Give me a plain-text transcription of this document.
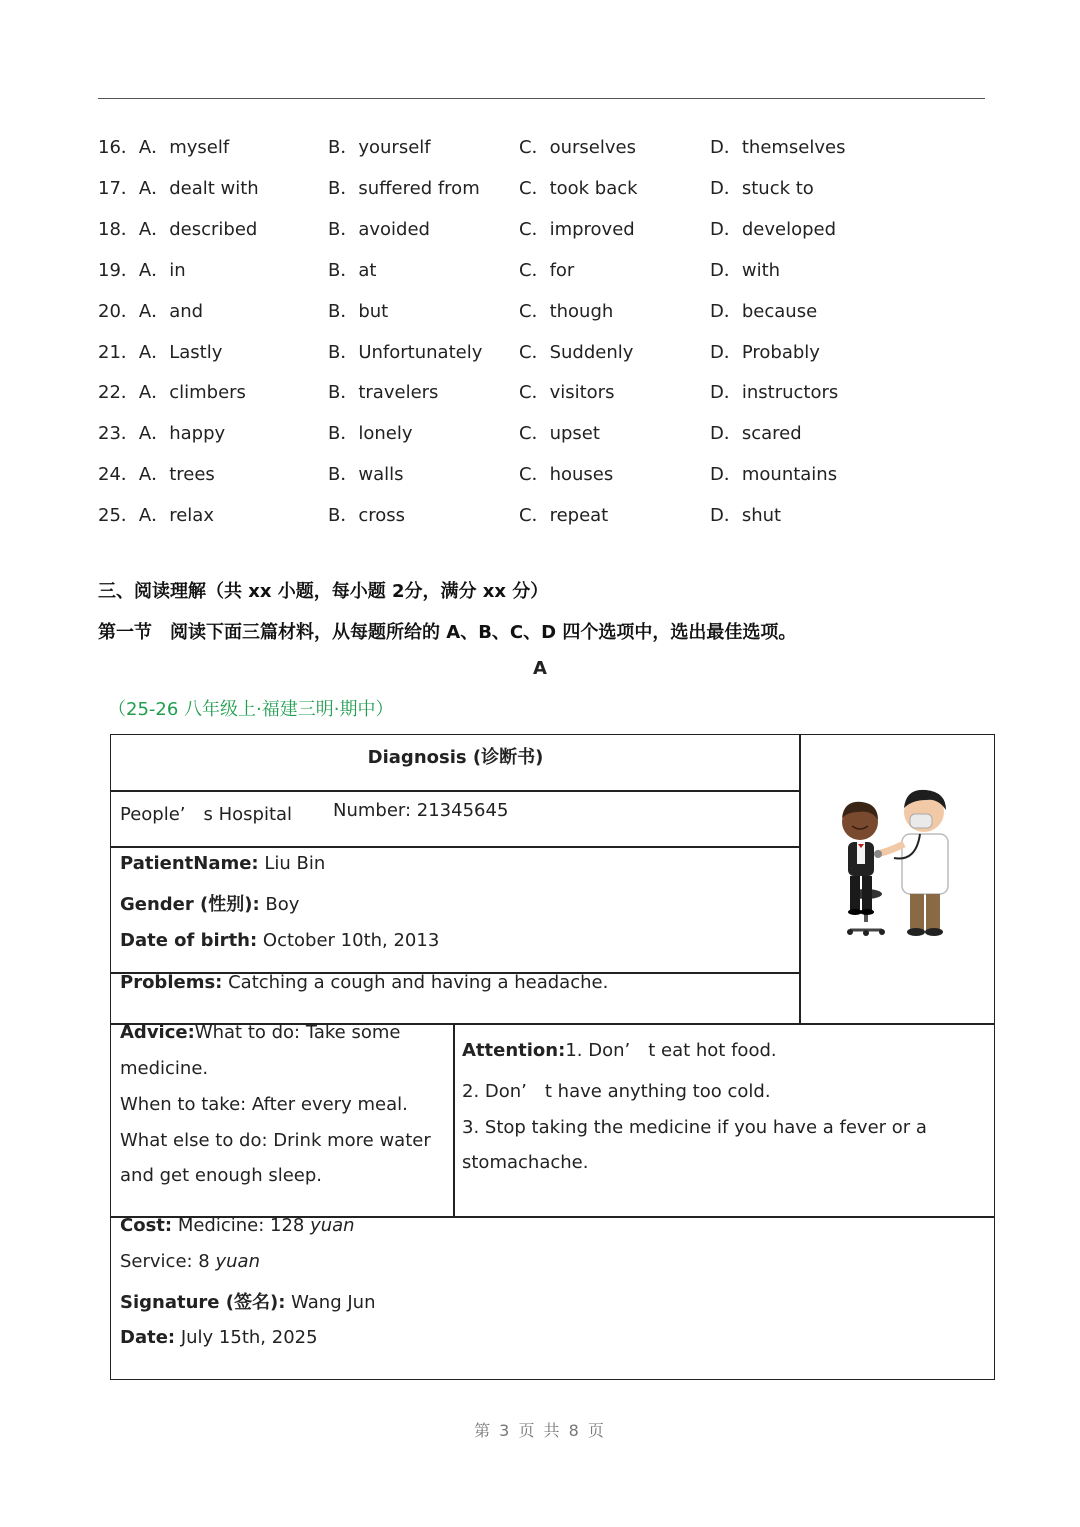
16．A．myself	B．yourself	C．ourselves	D．themselves
17．A．dealt with	B．suffered from C．took back	D．stuck to
18．A．described	B．avoided	C．improved	D．developed
19．A．in	B．at	C．for	D．with
20．A．and	B．but	C．though	D．because
21．A．Lastly	B．Unfortunately C．Suddenly	D．Probably
22．A．climbers	B．travelers	C．visitors	D．instructors
23．A．happy	B．lonely	C．upset	D．scared
24．A．trees	B．walls	C．houses	D．mountains
25．A．relax	B．cross	C．repeat	D．shut
三、阅读理解（共 xx 小题，每小题 2分，满分 xx 分）
第一节　阅读下面三篇材料，从每题所给的 A、B、C、D 四个选项中，选出最佳选项。
A
（25-26 八年级上·福建三明·期中）
Diagnosis (诊断书)
People’　s Hospital Number: 21345645
PatientName: Liu Bin
Gender (性别): Boy
Date of birth: October 10th, 2013
Problems: Catching a cough and having a headache.
Advice:What to do: Take some
medicine.
When to take: After every meal.
What else to do: Drink more water
and get enough sleep.
Attention:1. Don’　t eat hot food.
2. Don’　t have anything too cold.
3. Stop taking the medicine if you have a fever or a
stomachache.
Cost: Medicine: 128 yuan
Service: 8 yuan
Signature (签名): Wang Jun
Date: July 15th, 2025
第 3 页 共 8 页
